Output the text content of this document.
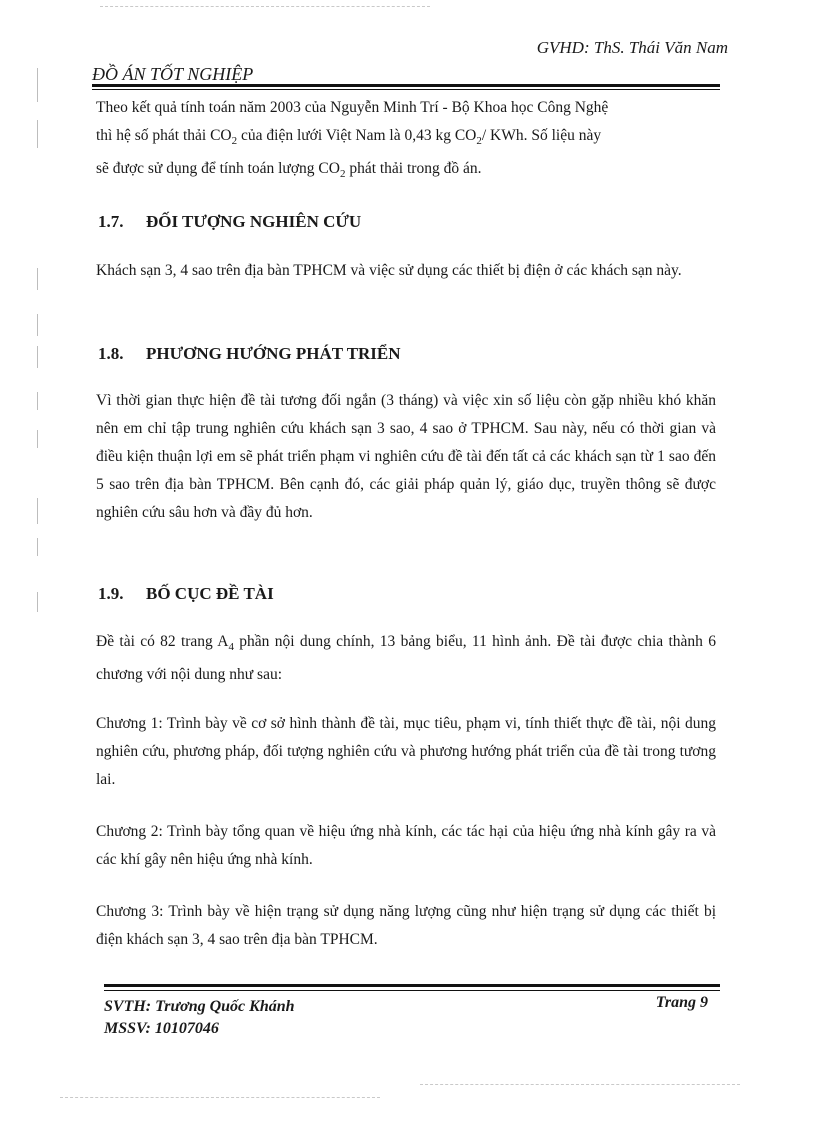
GVHD: ThS. Thái Văn Nam
ĐỒ ÁN TỐT NGHIỆP

Theo kết quả tính toán năm 2003 của Nguyễn Minh Trí - Bộ Khoa học Công Nghệ
thì hệ số phát thải $CO_2$ của điện lưới Việt Nam là 0,43 kg $CO_2/$ KWh. Số liệu này
sẽ được sử dụng để tính toán lượng $CO_2$ phát thải trong đồ án.

1.7. ĐỐI TƯỢNG NGHIÊN CỨU

Khách sạn 3, 4 sao trên địa bàn TPHCM và việc sử dụng các thiết bị điện ở các khách sạn này.

1.8. PHƯƠNG HƯỚNG PHÁT TRIỂN

Vì thời gian thực hiện đề tài tương đối ngắn (3 tháng) và việc xin số liệu còn gặp nhiều khó khăn nên em chỉ tập trung nghiên cứu khách sạn 3 sao, 4 sao ở TPHCM. Sau này, nếu có thời gian và điều kiện thuận lợi em sẽ phát triển phạm vi nghiên cứu đề tài đến tất cả các khách sạn từ 1 sao đến 5 sao trên địa bàn TPHCM. Bên cạnh đó, các giải pháp quản lý, giáo dục, truyền thông sẽ được nghiên cứu sâu hơn và đầy đủ hơn.

1.9. BỐ CỤC ĐỀ TÀI

Đề tài có 82 trang $A_4$ phần nội dung chính, 13 bảng biểu, 11 hình ảnh. Đề tài được chia thành 6 chương với nội dung như sau:

Chương 1: Trình bày về cơ sở hình thành đề tài, mục tiêu, phạm vi, tính thiết thực đề tài, nội dung nghiên cứu, phương pháp, đối tượng nghiên cứu và phương hướng phát triển của đề tài trong tương lai.

Chương 2: Trình bày tổng quan về hiệu ứng nhà kính, các tác hại của hiệu ứng nhà kính gây ra và các khí gây nên hiệu ứng nhà kính.

Chương 3: Trình bày về hiện trạng sử dụng năng lượng cũng như hiện trạng sử dụng các thiết bị điện khách sạn 3, 4 sao trên địa bàn TPHCM.

SVTH: Trương Quốc Khánh
MSSV: 10107046
Trang 9
